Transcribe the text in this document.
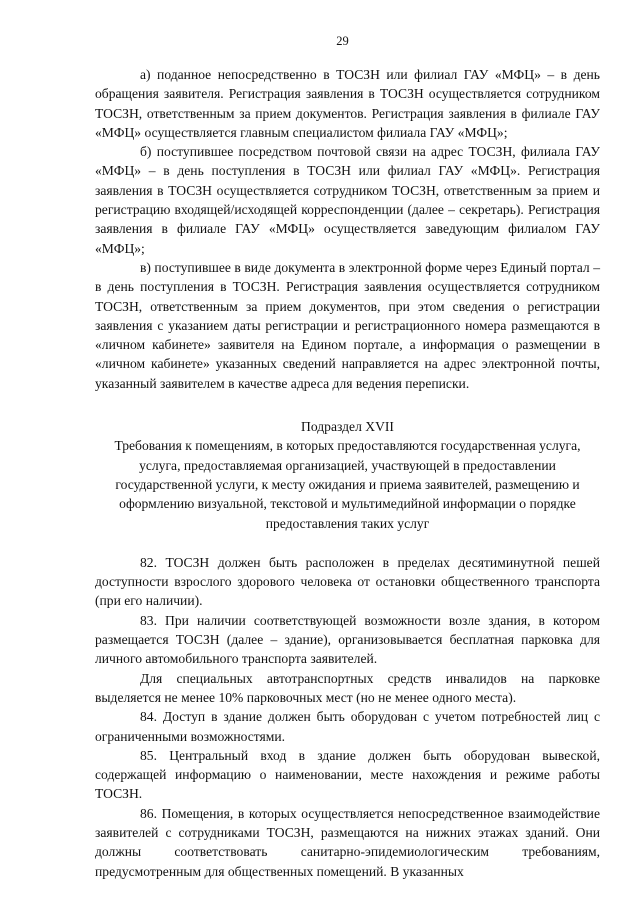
29

а) поданное непосредственно в ТОСЗН или филиал ГАУ «МФЦ» – в день обращения заявителя. Регистрация заявления в ТОСЗН осуществляется сотрудником ТОСЗН, ответственным за прием документов. Регистрация заявления в филиале ГАУ «МФЦ» осуществляется главным специалистом филиала ГАУ «МФЦ»;

б) поступившее посредством почтовой связи на адрес ТОСЗН, филиала ГАУ «МФЦ» – в день поступления в ТОСЗН или филиал ГАУ «МФЦ». Регистрация заявления в ТОСЗН осуществляется сотрудником ТОСЗН, ответственным за прием и регистрацию входящей/исходящей корреспонденции (далее – секретарь). Регистрация заявления в филиале ГАУ «МФЦ» осуществляется заведующим филиалом ГАУ «МФЦ»;

в) поступившее в виде документа в электронной форме через Единый портал – в день поступления в ТОСЗН. Регистрация заявления осуществляется сотрудником ТОСЗН, ответственным за прием документов, при этом сведения о регистрации заявления с указанием даты регистрации и регистрационного номера размещаются в «личном кабинете» заявителя на Едином портале, а информация о размещении в «личном кабинете» указанных сведений направляется на адрес электронной почты, указанный заявителем в качестве адреса для ведения переписки.

Подраздел XVII
Требования к помещениям, в которых предоставляются государственная услуга, услуга, предоставляемая организацией, участвующей в предоставлении государственной услуги, к месту ожидания и приема заявителей, размещению и оформлению визуальной, текстовой и мультимедийной информации о порядке предоставления таких услуг

82. ТОСЗН должен быть расположен в пределах десятиминутной пешей доступности взрослого здорового человека от остановки общественного транспорта (при его наличии).

83. При наличии соответствующей возможности возле здания, в котором размещается ТОСЗН (далее – здание), организовывается бесплатная парковка для личного автомобильного транспорта заявителей.

Для специальных автотранспортных средств инвалидов на парковке выделяется не менее 10% парковочных мест (но не менее одного места).

84. Доступ в здание должен быть оборудован с учетом потребностей лиц с ограниченными возможностями.

85. Центральный вход в здание должен быть оборудован вывеской, содержащей информацию о наименовании, месте нахождения и режиме работы ТОСЗН.

86. Помещения, в которых осуществляется непосредственное взаимодействие заявителей с сотрудниками ТОСЗН, размещаются на нижних этажах зданий. Они должны соответствовать санитарно-эпидемиологическим требованиям, предусмотренным для общественных помещений. В указанных
